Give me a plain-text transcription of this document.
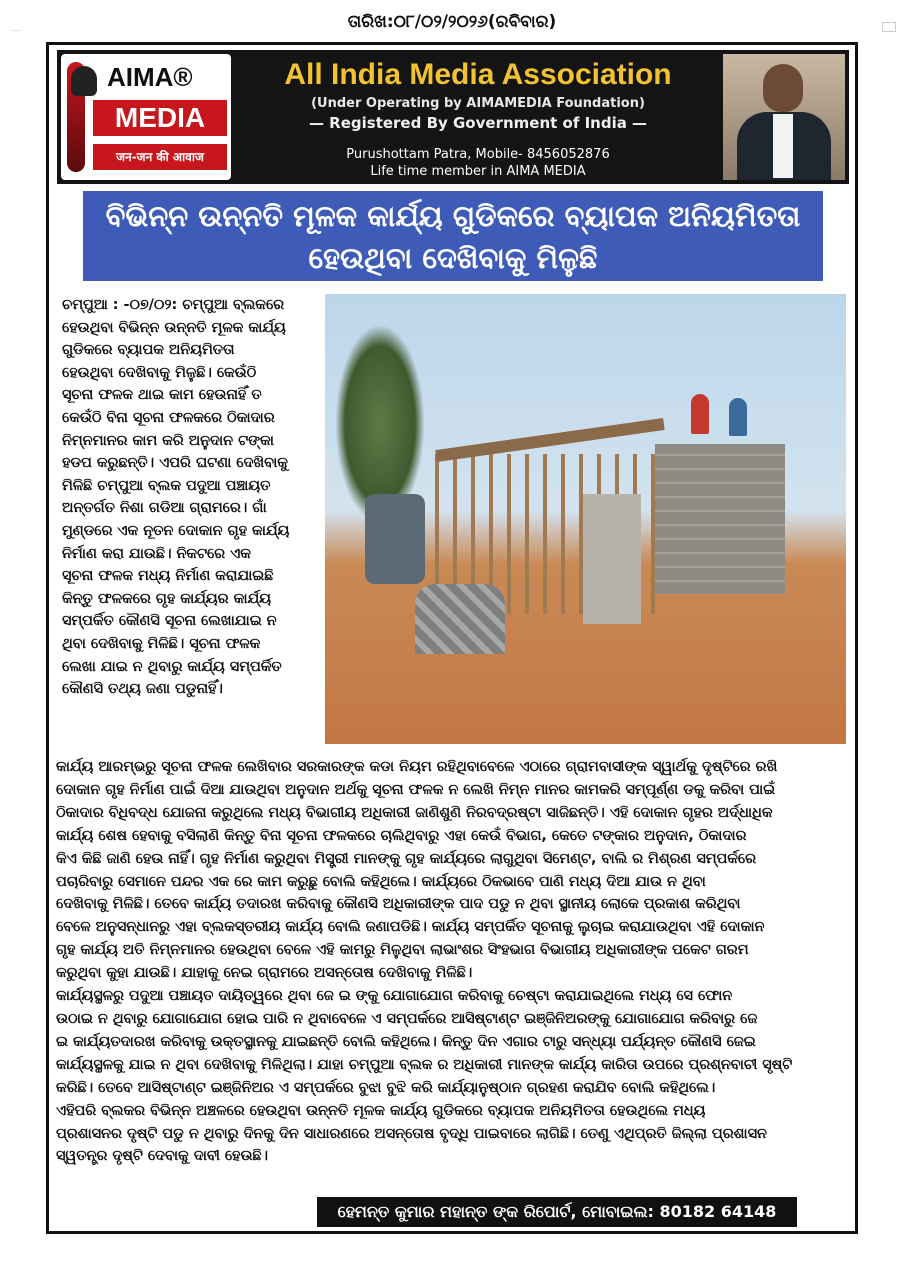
—	ତାରିଖ:୦୮/୦୨/୨୦୨୬(ରବିବାର)
AIMA®
MEDIA
जन-जन की आवाज
All India Media Association
(Under Operating by AIMAMEDIA Foundation)
— Registered By Government of India —
Purushottam Patra, Mobile- 8456052876
Life time member in AIMA MEDIA
ବିଭିନ୍ନ ଉନ୍ନତି ମୂଳକ କାର୍ଯ୍ୟ ଗୁଡିକରେ ବ୍ୟାପକ ଅନିୟମିତତା
ହେଉଥିବା ଦେଖିବାକୁ ମିଳୁଛି
ଚମ୍ପୁଆ : -୦୭/୦୨: ଚମ୍ପୁଆ ବ୍ଲକରେ
ହେଉଥିବା ବିଭିନ୍ନ ଉନ୍ନତି ମୂଳକ କାର୍ଯ୍ୟ
ଗୁଡିକରେ ବ୍ୟାପକ ଅନିୟମିତତା
ହେଉଥିବା ଦେଖିବାକୁ ମିଳୁଛି। କେଉଁଠି
ସୂଚନା ଫଳକ ଥାଇ କାମ ହେଉନାହିଁ ତ
କେଉଁଠି ବିନା ସୂଚନା ଫଳକରେ ଠିକାଦାର
ନିମ୍ନମାନର କାମ କରି ଅନୁଦାନ ଟଙ୍କା
ହଡପ କରୁଛନ୍ତି। ଏପରି ଘଟଣା ଦେଖିବାକୁ
ମିଳିଛି ଚମ୍ପୁଆ ବ୍ଲକ ପଦୁଆ ପଞ୍ଚାୟତ
ଅନ୍ତର୍ଗତ ନିଶା ଗଡିଆ ଗ୍ରାମରେ। ଗାଁ
ମୁଣ୍ଡରେ ଏକ ନୂତନ ଦୋକାନ ଗୃହ କାର୍ଯ୍ୟ
ନିର୍ମାଣ କରା ଯାଉଛି। ନିକଟରେ ଏକ
ସୂଚନା ଫଳକ ମଧ୍ୟ ନିର୍ମାଣ କରାଯାଇଛି
କିନ୍ତୁ ଫଳକରେ ଗୃହ କାର୍ଯ୍ୟର କାର୍ଯ୍ୟ
ସମ୍ପର୍କିତ କୌଣସି ସୂଚନା ଲେଖାଯାଇ ନ
ଥିବା ଦେଖିବାକୁ ମିଳିଛି। ସୂଚନା ଫଳକ
ଲେଖା ଯାଇ ନ ଥିବାରୁ କାର୍ଯ୍ୟ ସମ୍ପର୍କିତ
କୌଣସି ତଥ୍ୟ ଜଣା ପଡୁନାହିଁ।
କାର୍ଯ୍ୟ ଆରମ୍ଭରୁ ସୂଚନା ଫଳକ ଲେଖିବାର ସରକାରଙ୍କ କଡା ନିୟମ ରହିଥିବାବେଳେ ଏଠାରେ ଗ୍ରାମବାସୀଙ୍କ ସ୍ୱାର୍ଥକୁ ଦୃଷ୍ଟିରେ ରଖି
ଦୋକାନ ଗୃହ ନିର୍ମାଣ ପାଇଁ ଦିଆ ଯାଉଥିବା ଅନୁଦାନ ଅର୍ଥକୁ ସୂଚନା ଫଳକ ନ ଲେଖି ନିମ୍ନ ମାନର କାମକରି ସମ୍ପୂର୍ଣ୍ଣ ଡକୁ କରିବା ପାଇଁ
ଠିକାଦାର ବିଧିବଦ୍ଧ ଯୋଜନା କରୁଥିଲେ ମଧ୍ୟ ବିଭାଗୀୟ ଅଧିକାରୀ ଜାଣିଶୁଣି ନିରବଦ୍ରଷ୍ଟା ସାଜିଛନ୍ତି। ଏହି ଦୋକାନ ଗୃହର ଅର୍ଦ୍ଧାଧିକ
କାର୍ଯ୍ୟ ଶେଷ ହେବାକୁ ବସିଲାଣି କିନ୍ତୁ ବିନା ସୂଚନା ଫଳକରେ ଚାଲିଥିବାରୁ ଏହା କେଉଁ ବିଭାଗ, କେତେ ଟଙ୍କାର ଅନୁଦାନ, ଠିକାଦାର
କିଏ କିଛି ଜାଣି ହେଉ ନାହିଁ। ଗୃହ ନିର୍ମାଣ କରୁଥିବା ମିସ୍ତ୍ରୀ ମାନଙ୍କୁ ଗୃହ କାର୍ଯ୍ୟରେ ଲାଗୁଥିବା ସିମେଣ୍ଟ, ବାଲି ର ମିଶ୍ରଣ ସମ୍ପର୍କରେ
ପଚାରିବାରୁ ସେମାନେ ପନ୍ଦର ଏକ ରେ କାମ କରୁଛୁ ବୋଲି କହିଥିଲେ। କାର୍ଯ୍ୟରେ ଠିକଭାବେ ପାଣି ମଧ୍ୟ ଦିଆ ଯାଉ ନ ଥିବା
ଦେଖିବାକୁ ମିଳିଛି। ତେବେ କାର୍ଯ୍ୟ ତଦାରଖ କରିବାକୁ କୌଣସି ଅଧିକାରୀଙ୍କ ପାଦ ପଡୁ ନ ଥିବା ସ୍ଥାନୀୟ ଲୋକେ ପ୍ରକାଶ କରିଥିବା
ବେଳେ ଅନୁସନ୍ଧାନରୁ ଏହା ବ୍ଲକସ୍ତରୀୟ କାର୍ଯ୍ୟ ବୋଲି ଜଣାପଡିଛି। କାର୍ଯ୍ୟ ସମ୍ପର୍କିତ ସୂଚନାକୁ ଲୁଚାଇ କରାଯାଉଥିବା ଏହି ଦୋକାନ
ଗୃହ କାର୍ଯ୍ୟ ଅତି ନିମ୍ନମାନର ହେଉଥିବା ବେଳେ ଏହି କାମରୁ ମିଳୁଥିବା ଲାଭାଂଶର ସିଂହଭାଗ ବିଭାଗୀୟ ଅଧିକାରୀଙ୍କ ପକେଟ ଗରମ
କରୁଥିବା କୁହା ଯାଉଛି। ଯାହାକୁ ନେଇ ଗ୍ରାମରେ ଅସନ୍ତୋଷ ଦେଖିବାକୁ ମିଳିଛି।
କାର୍ଯ୍ୟସ୍ଥଳରୁ ପଦୁଆ ପଞ୍ଚାୟତ ଦାୟିତ୍ୱରେ ଥିବା ଜେ ଇ ଙ୍କୁ ଯୋଗାଯୋଗ କରିବାକୁ ଚେଷ୍ଟା କରାଯାଇଥିଲେ ମଧ୍ୟ ସେ ଫୋନ
ଉଠାଇ ନ ଥିବାରୁ ଯୋଗାଯୋଗ ହୋଇ ପାରି ନ ଥିବାବେଳେ ଏ ସମ୍ପର୍କରେ ଆସିଷ୍ଟାଣ୍ଟ ଇଞ୍ଜିନିଅରଙ୍କୁ ଯୋଗାଯୋଗ କରିବାରୁ ଜେ
ଇ କାର୍ଯ୍ୟତଦାରଖ କରିବାକୁ ଉକ୍ତସ୍ଥାନକୁ ଯାଇଛନ୍ତି ବୋଲି କହିଥିଲେ। କିନ୍ତୁ ଦିନ ଏଗାର ଟାରୁ ସନ୍ଧ୍ୟା ପର୍ଯ୍ୟନ୍ତ କୌଣସି ଜେଇ
କାର୍ଯ୍ୟସ୍ଥଳକୁ ଯାଇ ନ ଥିବା ଦେଖିବାକୁ ମିଳିଥିଲା। ଯାହା ଚମ୍ପୁଆ ବ୍ଲକ ର ଅଧିକାରୀ ମାନଙ୍କ କାର୍ଯ୍ୟ କାରିତା ଉପରେ ପ୍ରଶ୍ନବାଚୀ ସୃଷ୍ଟି
କରିଛି। ତେବେ ଆସିଷ୍ଟାଣ୍ଟ ଇଞ୍ଜିନିଅର ଏ ସମ୍ପର୍କରେ ବୁଝା ବୁଝି କରି କାର୍ଯ୍ୟାନୁଷ୍ଠାନ ଗ୍ରହଣ କରାଯିବ ବୋଲି କହିଥିଲେ।
ଏହିପରି ବ୍ଲକର ବିଭିନ୍ନ ଅଞ୍ଚଳରେ ହେଉଥିବା ଉନ୍ନତି ମୂଳକ କାର୍ଯ୍ୟ ଗୁଡିକରେ ବ୍ୟାପକ ଅନିୟମିତତା ହେଉଥିଲେ ମଧ୍ୟ
ପ୍ରଶାସନର ଦୃଷ୍ଟି ପଡୁ ନ ଥିବାରୁ ଦିନକୁ ଦିନ ସାଧାରଣରେ ଅସନ୍ତୋଷ ବୃଦ୍ଧି ପାଇବାରେ ଲାଗିଛି। ତେଣୁ ଏଥିପ୍ରତି ଜିଲ୍ଲା ପ୍ରଶାସନ
ସ୍ୱତନ୍ତ୍ର ଦୃଷ୍ଟି ଦେବାକୁ ଦାବୀ ହେଉଛି।
ହେମନ୍ତ କୁମାର ମହାନ୍ତ ଙ୍କ ରିପୋର୍ଟ, ମୋବାଇଲ: 80182 64148
